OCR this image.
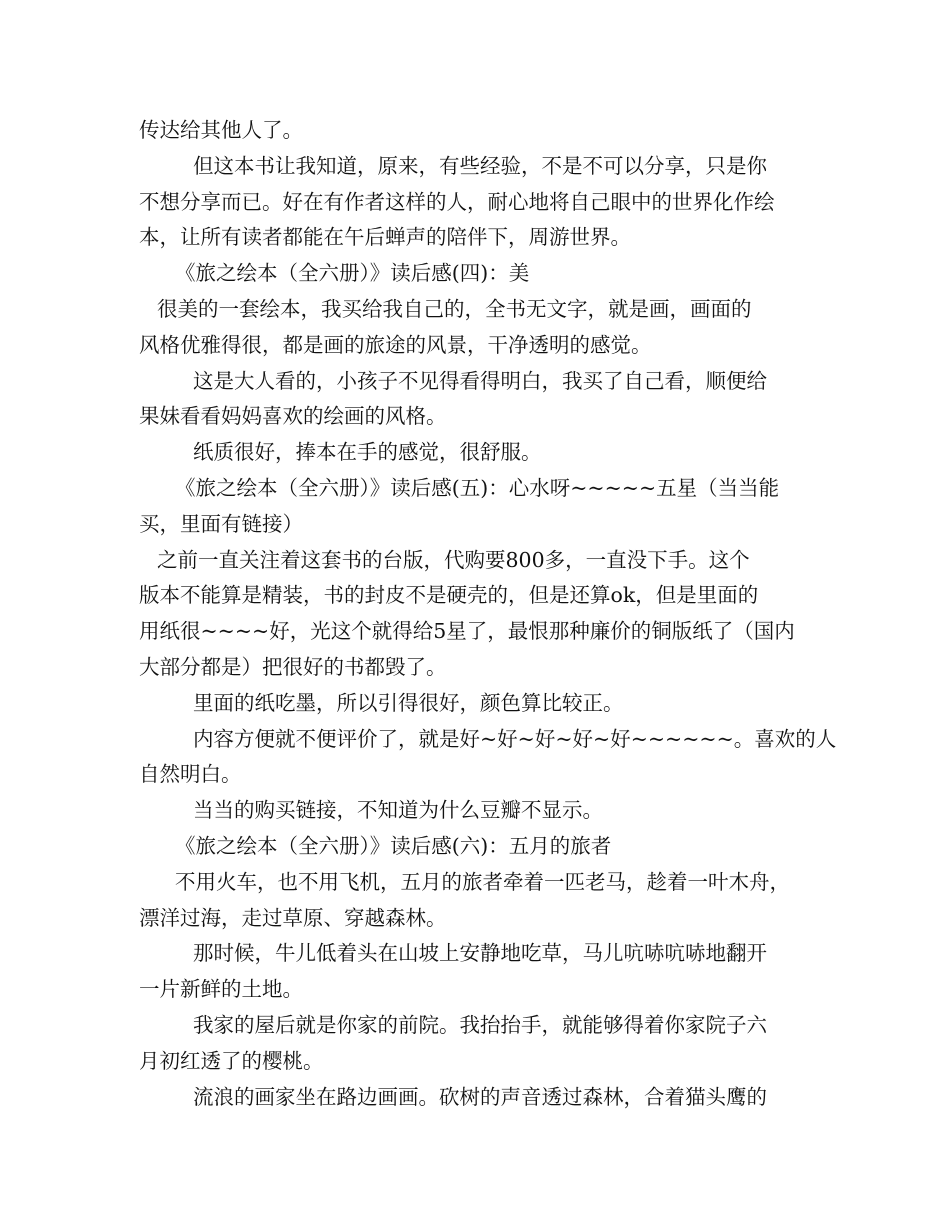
传达给其他人了。
但这本书让我知道，原来，有些经验，不是不可以分享，只是你
不想分享而已。好在有作者这样的人，耐心地将自己眼中的世界化作绘
本，让所有读者都能在午后蝉声的陪伴下，周游世界。
《旅之绘本（全六册）》读后感(四)：美
很美的一套绘本，我买给我自己的，全书无文字，就是画，画面的
风格优雅得很，都是画的旅途的风景，干净透明的感觉。
这是大人看的，小孩子不见得看得明白，我买了自己看，顺便给
果妹看看妈妈喜欢的绘画的风格。
纸质很好，捧本在手的感觉，很舒服。
《旅之绘本（全六册）》读后感(五)：心水呀~~~~~五星（当当能
买，里面有链接）
之前一直关注着这套书的台版，代购要800多，一直没下手。这个
版本不能算是精装，书的封皮不是硬壳的，但是还算ok，但是里面的
用纸很~~~~好，光这个就得给5星了，最恨那种廉价的铜版纸了（国内
大部分都是）把很好的书都毁了。
里面的纸吃墨，所以引得很好，颜色算比较正。
内容方便就不便评价了，就是好~好~好~好~好~~~~~~。喜欢的人
自然明白。
当当的购买链接，不知道为什么豆瓣不显示。
《旅之绘本（全六册）》读后感(六)：五月的旅者
不用火车，也不用飞机，五月的旅者牵着一匹老马，趁着一叶木舟，
漂洋过海，走过草原、穿越森林。
那时候，牛儿低着头在山坡上安静地吃草，马儿吭哧吭哧地翻开
一片新鲜的土地。
我家的屋后就是你家的前院。我抬抬手，就能够得着你家院子六
月初红透了的樱桃。
流浪的画家坐在路边画画。砍树的声音透过森林，合着猫头鹰的
